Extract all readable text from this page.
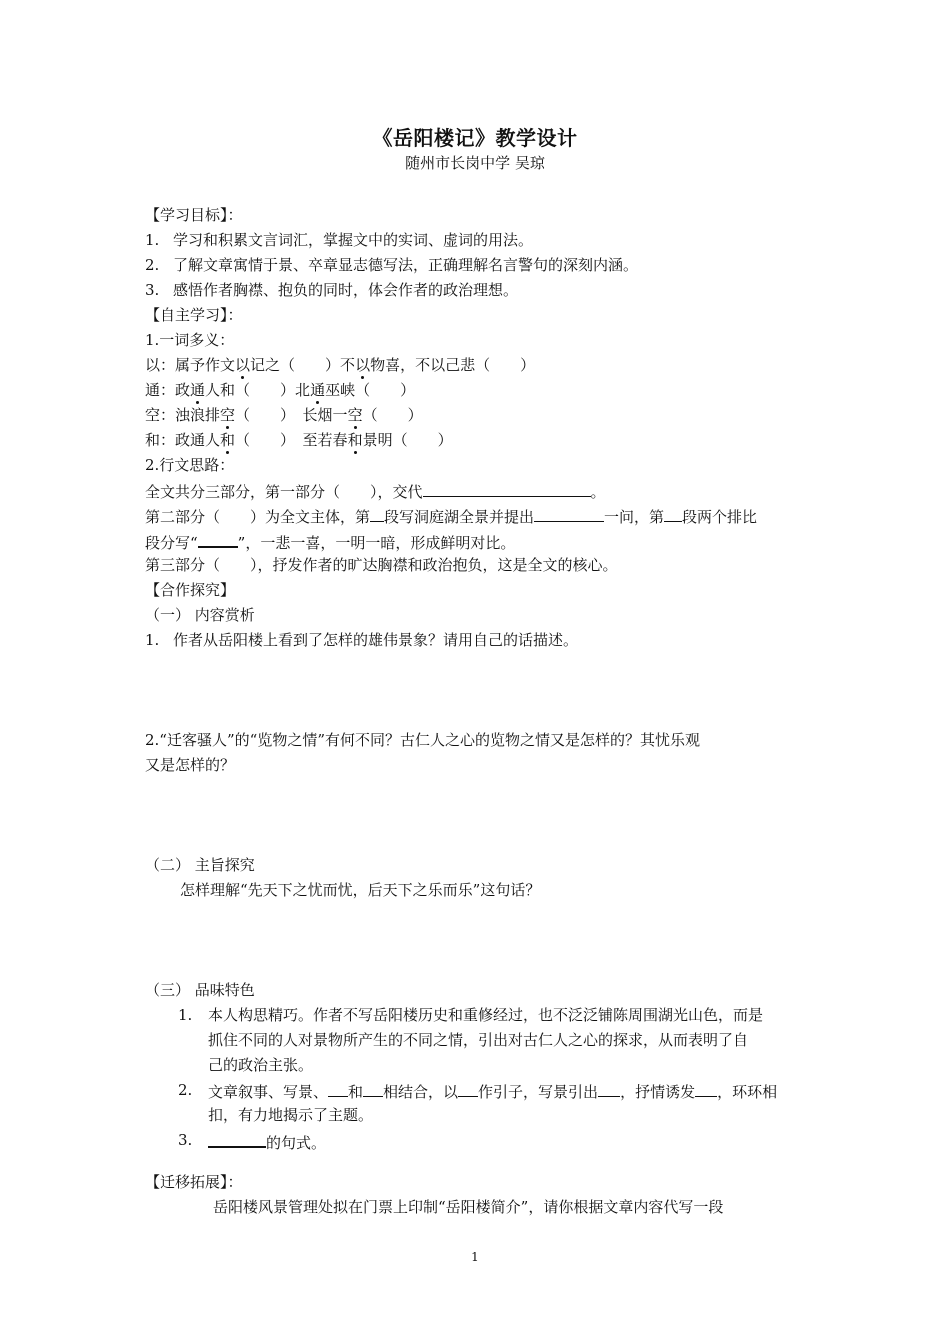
《岳阳楼记》教学设计
随州市长岗中学 吴琼
【学习目标】：
1. 学习和积累文言词汇，掌握文中的实词、虚词的用法。
2. 了解文章寓情于景、卒章显志德写法，正确理解名言警句的深刻内涵。
3. 感悟作者胸襟、抱负的同时，体会作者的政治理想。
【自主学习】：
1.一词多义：
以：属予作文以记之（　　）不以物喜，不以己悲（　　）
通：政通人和（　　）北通巫峡（　　）
空：浊浪排空（　　）　长烟一空（　　）
和：政通人和（　　）　至若春和景明（　　）
2.行文思路：
全文共分三部分，第一部分（　　），交代	。
第二部分（　　）为全文主体，第 段写洞庭湖全景并提出	一问，第 段两个排比
段分写“	”，一悲一喜，一明一暗，形成鲜明对比。
第三部分（　　），抒发作者的旷达胸襟和政治抱负，这是全文的核心。
【合作探究】
（一） 内容赏析
1. 作者从岳阳楼上看到了怎样的雄伟景象？请用自己的话描述。
2.“迁客骚人”的“览物之情”有何不同？古仁人之心的览物之情又是怎样的？其忧乐观
又是怎样的？
（二） 主旨探究
怎样理解“先天下之忧而忧，后天下之乐而乐”这句话？
（三） 品味特色
1. 本人构思精巧。作者不写岳阳楼历史和重修经过，也不泛泛铺陈周围湖光山色，而是
抓住不同的人对景物所产生的不同之情，引出对古仁人之心的探求，从而表明了自
己的政治主张。
2. 文章叙事、写景、 和 相结合，以 作引子，写景引出 ，抒情诱发 ，环环相
扣，有力地揭示了主题。
3.	的句式。
【迁移拓展】：
岳阳楼风景管理处拟在门票上印制“岳阳楼简介”，请你根据文章内容代写一段
1
